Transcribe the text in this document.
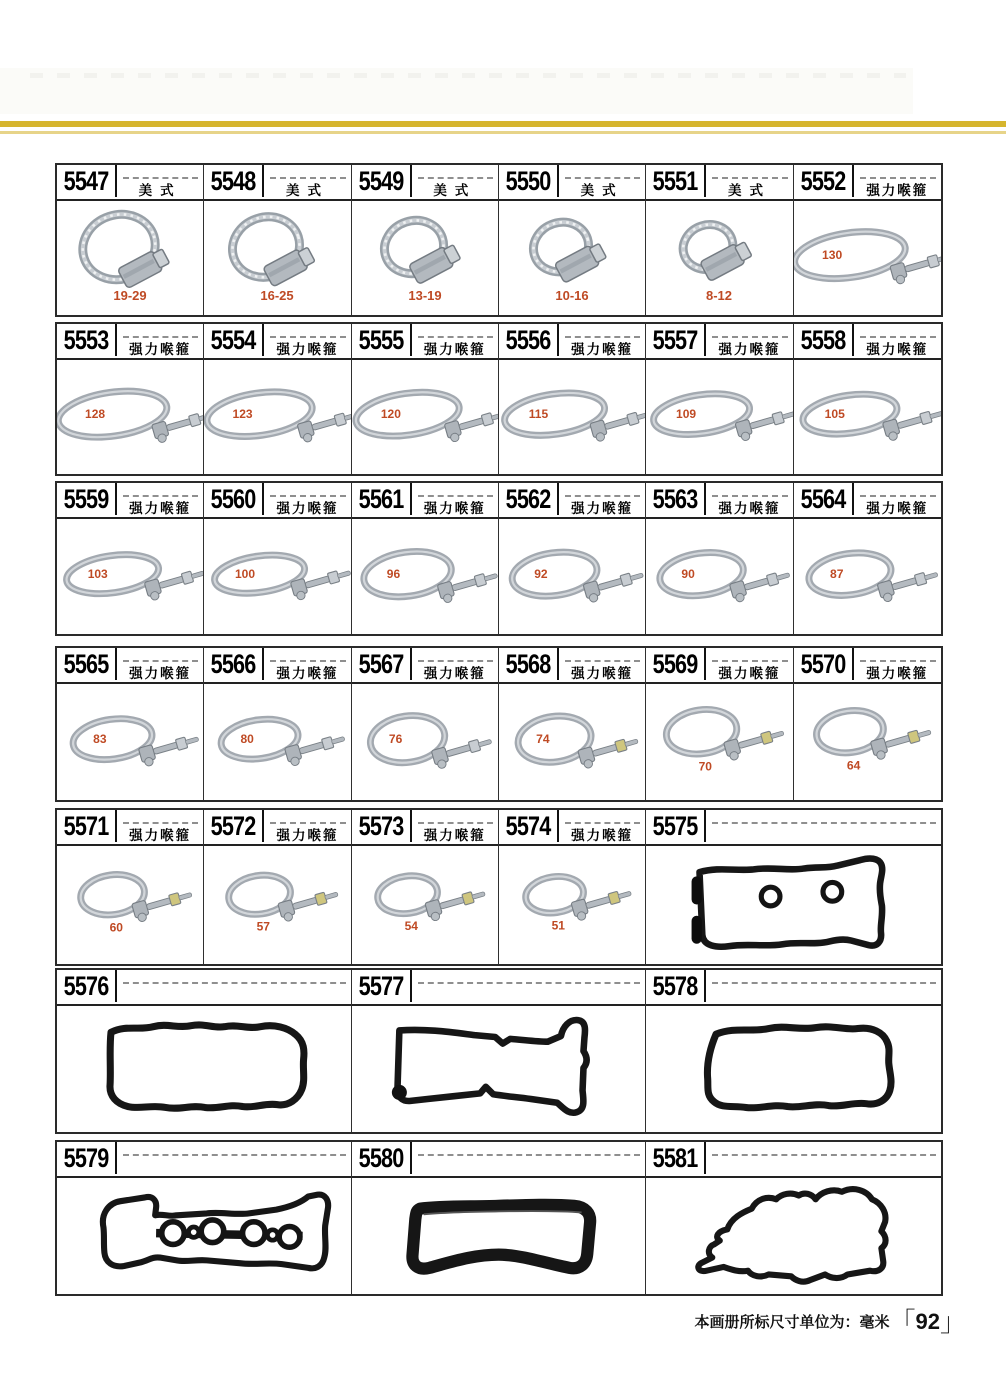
5547	美式
19-29
5548	美式
16-25
5549	美式
13-19
5550	美式
10-16
5551	美式
8-12
5552	强力喉箍
130
5553	强力喉箍
128
5554	强力喉箍
123
5555	强力喉箍
120
5556	强力喉箍
115
5557	强力喉箍
109
5558	强力喉箍
105
5559	强力喉箍
103
5560	强力喉箍
100
5561	强力喉箍
96
5562	强力喉箍
92
5563	强力喉箍
90
5564	强力喉箍
87
5565	强力喉箍
83
5566	强力喉箍
80
5567	强力喉箍
76
5568	强力喉箍
74
5569	强力喉箍
70
5570	强力喉箍
64
5571	强力喉箍
60
5572	强力喉箍
57
5573	强力喉箍
54
5574	强力喉箍
51
5575
5576	5577	5578
5579	5580	5581
本画册所标尺寸单位为：毫米「92」
